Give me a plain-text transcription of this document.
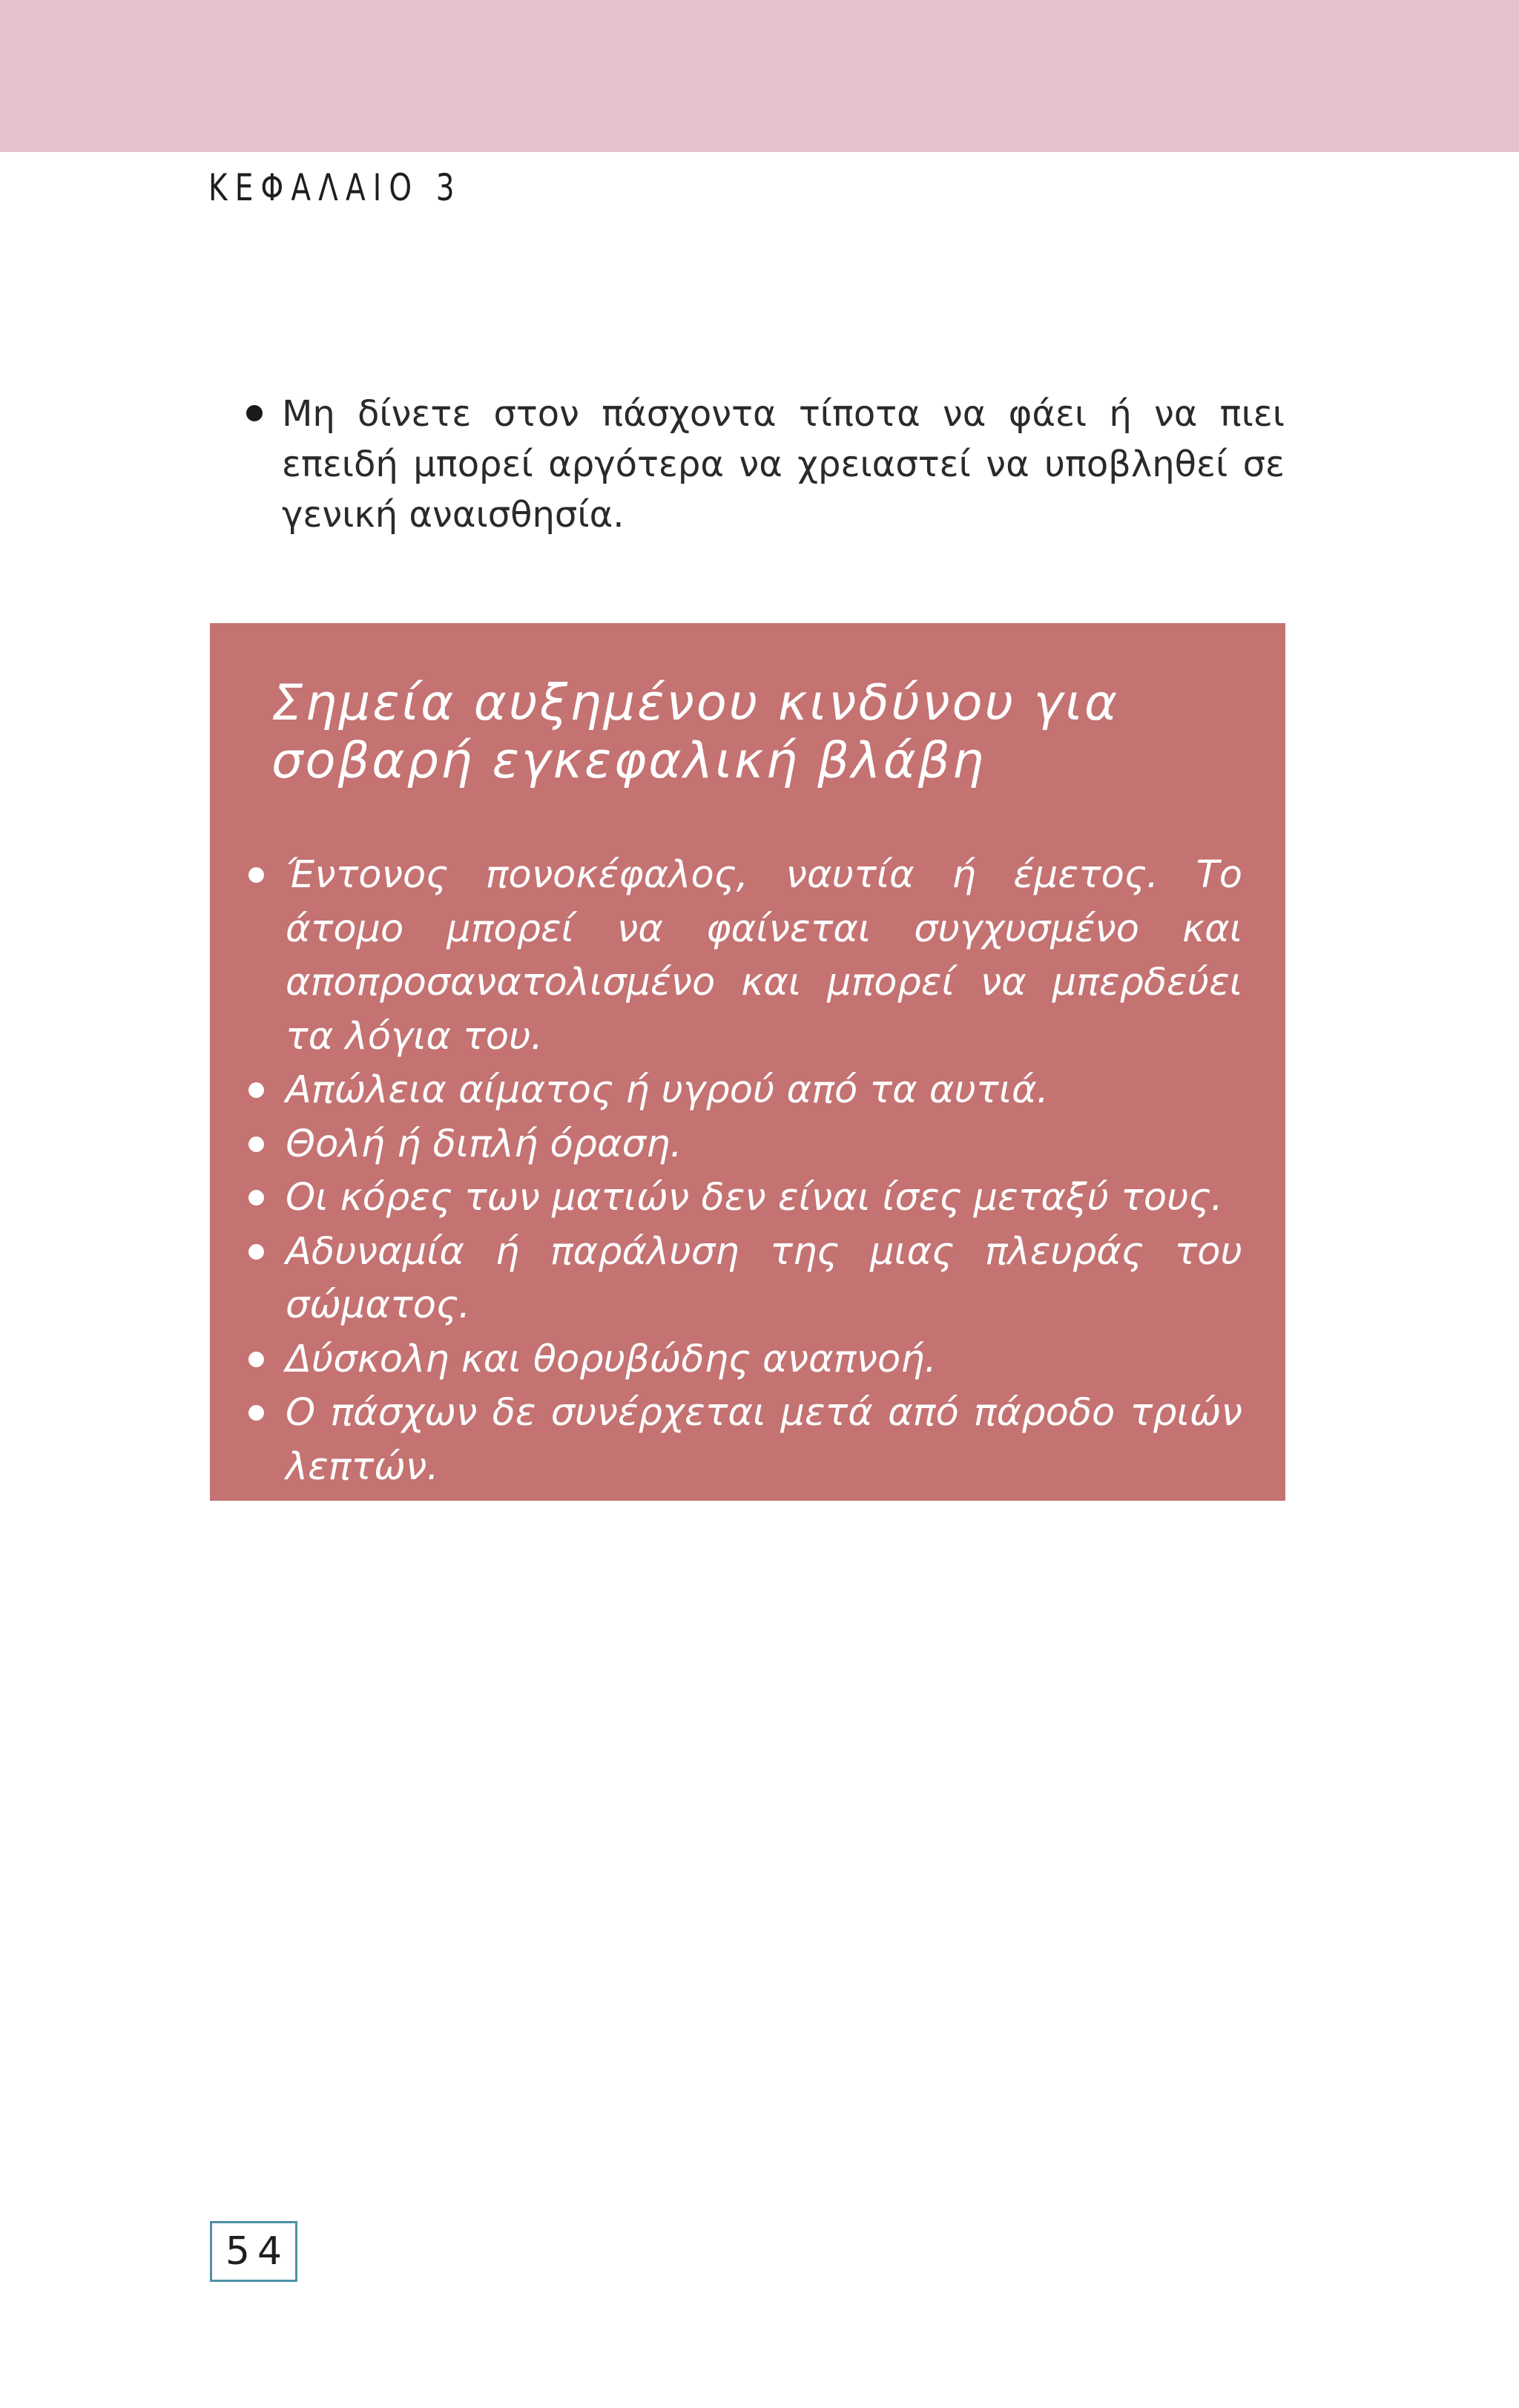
ΚΕΦΑΛΑΙΟ 3
Μη δίνετε στον πάσχοντα τίποτα να φάει ή να πιει επειδή μπορεί αργότερα να χρειαστεί να υποβληθεί σε γενική αναισθησία.
Σημεία αυξημένου κινδύνου για σοβαρή εγκεφαλική βλάβη
Έντονος πονοκέφαλος, ναυτία ή έμετος. Το άτομο μπορεί να φαίνεται συγχυσμένο και αποπροσανατολισμένο και μπορεί να μπερδεύει τα λόγια του.
Απώλεια αίματος ή υγρού από τα αυτιά.
Θολή ή διπλή όραση.
Οι κόρες των ματιών δεν είναι ίσες μεταξύ τους.
Αδυναμία ή παράλυση της μιας πλευράς του σώματος.
Δύσκολη και θορυβώδης αναπνοή.
Ο πάσχων δε συνέρχεται μετά από πάροδο τριών λεπτών.
54
